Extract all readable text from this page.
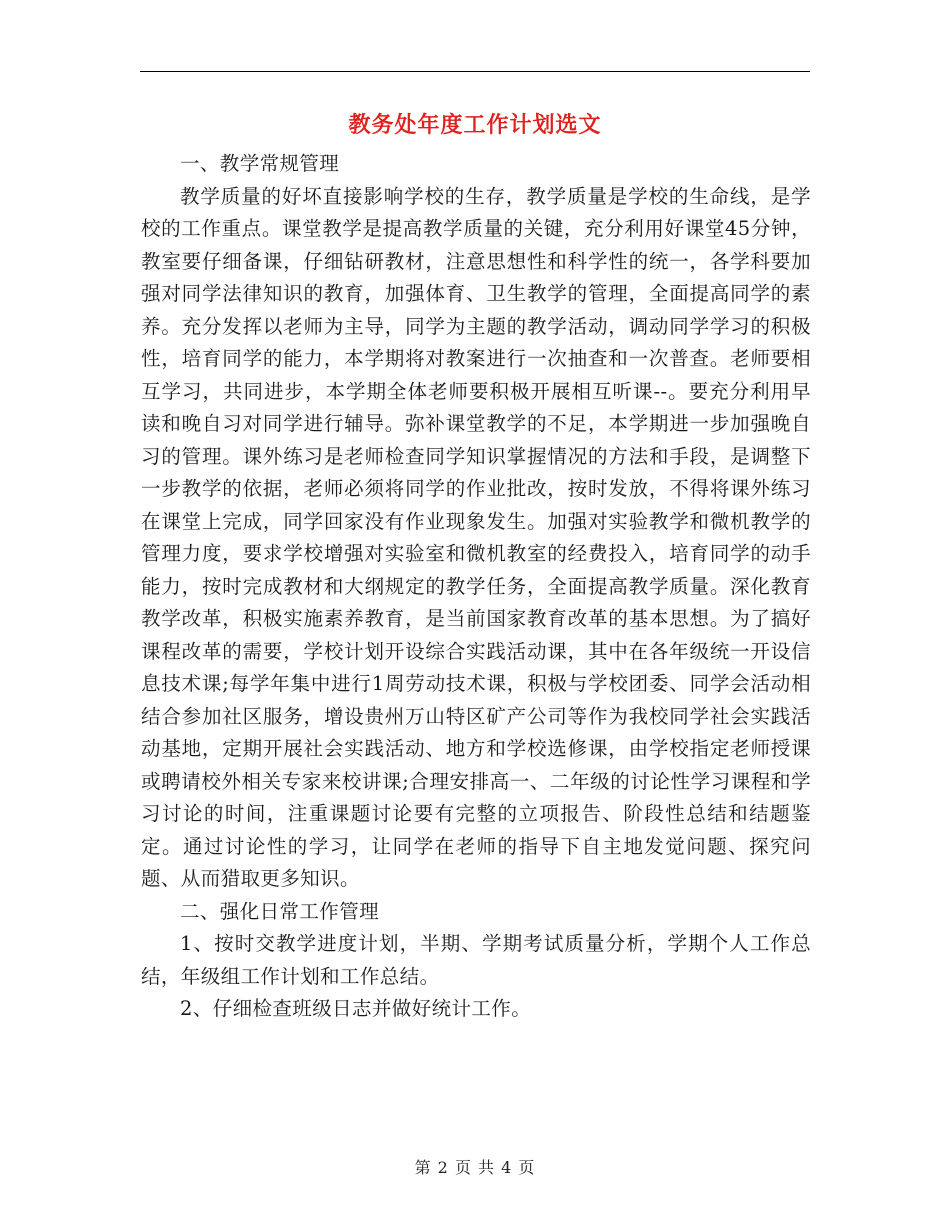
教务处年度工作计划选文

一、教学常规管理

教学质量的好坏直接影响学校的生存，教学质量是学校的生命线，是学校的工作重点。课堂教学是提高教学质量的关键，充分利用好课堂45分钟，教室要仔细备课，仔细钻研教材，注意思想性和科学性的统一，各学科要加强对同学法律知识的教育，加强体育、卫生教学的管理，全面提高同学的素养。充分发挥以老师为主导，同学为主题的教学活动，调动同学学习的积极性，培育同学的能力，本学期将对教案进行一次抽查和一次普查。老师要相互学习，共同进步，本学期全体老师要积极开展相互听课--。要充分利用早读和晚自习对同学进行辅导。弥补课堂教学的不足，本学期进一步加强晚自习的管理。课外练习是老师检查同学知识掌握情况的方法和手段，是调整下一步教学的依据，老师必须将同学的作业批改，按时发放，不得将课外练习在课堂上完成，同学回家没有作业现象发生。加强对实验教学和微机教学的管理力度，要求学校增强对实验室和微机教室的经费投入，培育同学的动手能力，按时完成教材和大纲规定的教学任务，全面提高教学质量。深化教育教学改革，积极实施素养教育，是当前国家教育改革的基本思想。为了搞好课程改革的需要，学校计划开设综合实践活动课，其中在各年级统一开设信息技术课;每学年集中进行1周劳动技术课，积极与学校团委、同学会活动相结合参加社区服务，增设贵州万山特区矿产公司等作为我校同学社会实践活动基地，定期开展社会实践活动、地方和学校选修课，由学校指定老师授课或聘请校外相关专家来校讲课;合理安排高一、二年级的讨论性学习课程和学习讨论的时间，注重课题讨论要有完整的立项报告、阶段性总结和结题鉴定。通过讨论性的学习，让同学在老师的指导下自主地发觉问题、探究问题、从而猎取更多知识。

二、强化日常工作管理

1、按时交教学进度计划，半期、学期考试质量分析，学期个人工作总结，年级组工作计划和工作总结。

2、仔细检查班级日志并做好统计工作。

第 2 页 共 4 页
